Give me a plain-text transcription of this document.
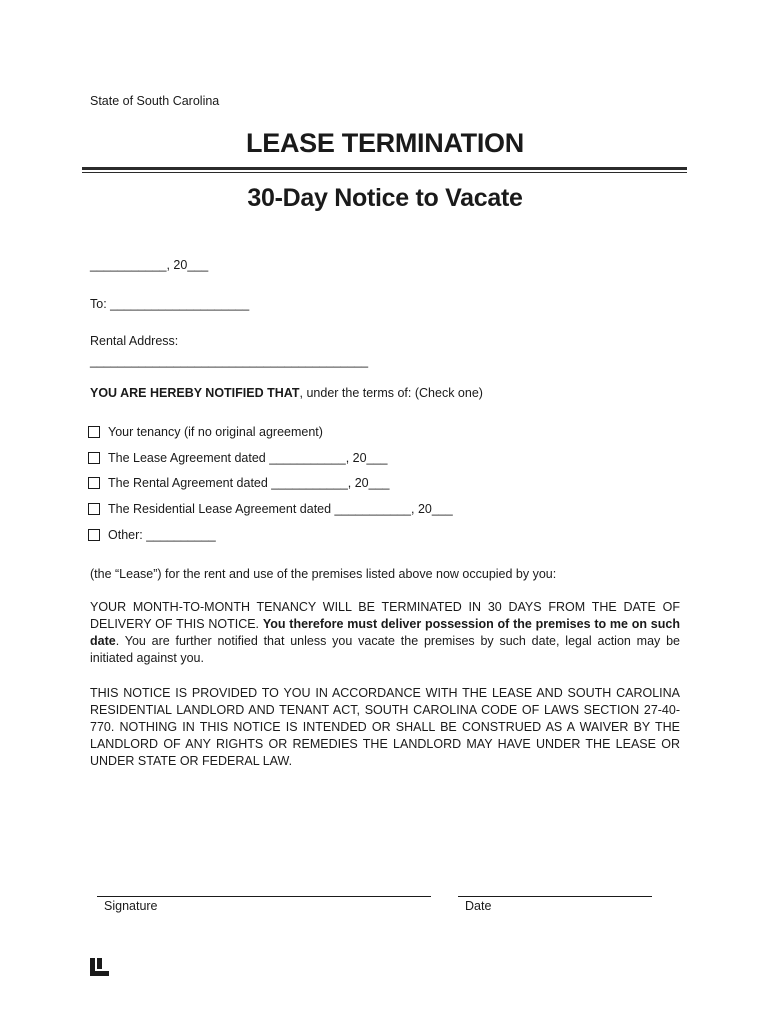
State of South Carolina
LEASE TERMINATION
30-Day Notice to Vacate
___________, 20___
To: ____________________
Rental Address:
________________________________________
YOU ARE HEREBY NOTIFIED THAT, under the terms of: (Check one)
Your tenancy (if no original agreement)
The Lease Agreement dated ___________, 20___
The Rental Agreement dated ___________, 20___
The Residential Lease Agreement dated ___________, 20___
Other: __________
(the “Lease”) for the rent and use of the premises listed above now occupied by you:
YOUR MONTH-TO-MONTH TENANCY WILL BE TERMINATED IN 30 DAYS FROM THE DATE OF DELIVERY OF THIS NOTICE. You therefore must deliver possession of the premises to me on such date. You are further notified that unless you vacate the premises by such date, legal action may be initiated against you.
THIS NOTICE IS PROVIDED TO YOU IN ACCORDANCE WITH THE LEASE AND SOUTH CAROLINA RESIDENTIAL LANDLORD AND TENANT ACT, SOUTH CAROLINA CODE OF LAWS SECTION 27-40-770. NOTHING IN THIS NOTICE IS INTENDED OR SHALL BE CONSTRUED AS A WAIVER BY THE LANDLORD OF ANY RIGHTS OR REMEDIES THE LANDLORD MAY HAVE UNDER THE LEASE OR UNDER STATE OR FEDERAL LAW.
Signature	Date
